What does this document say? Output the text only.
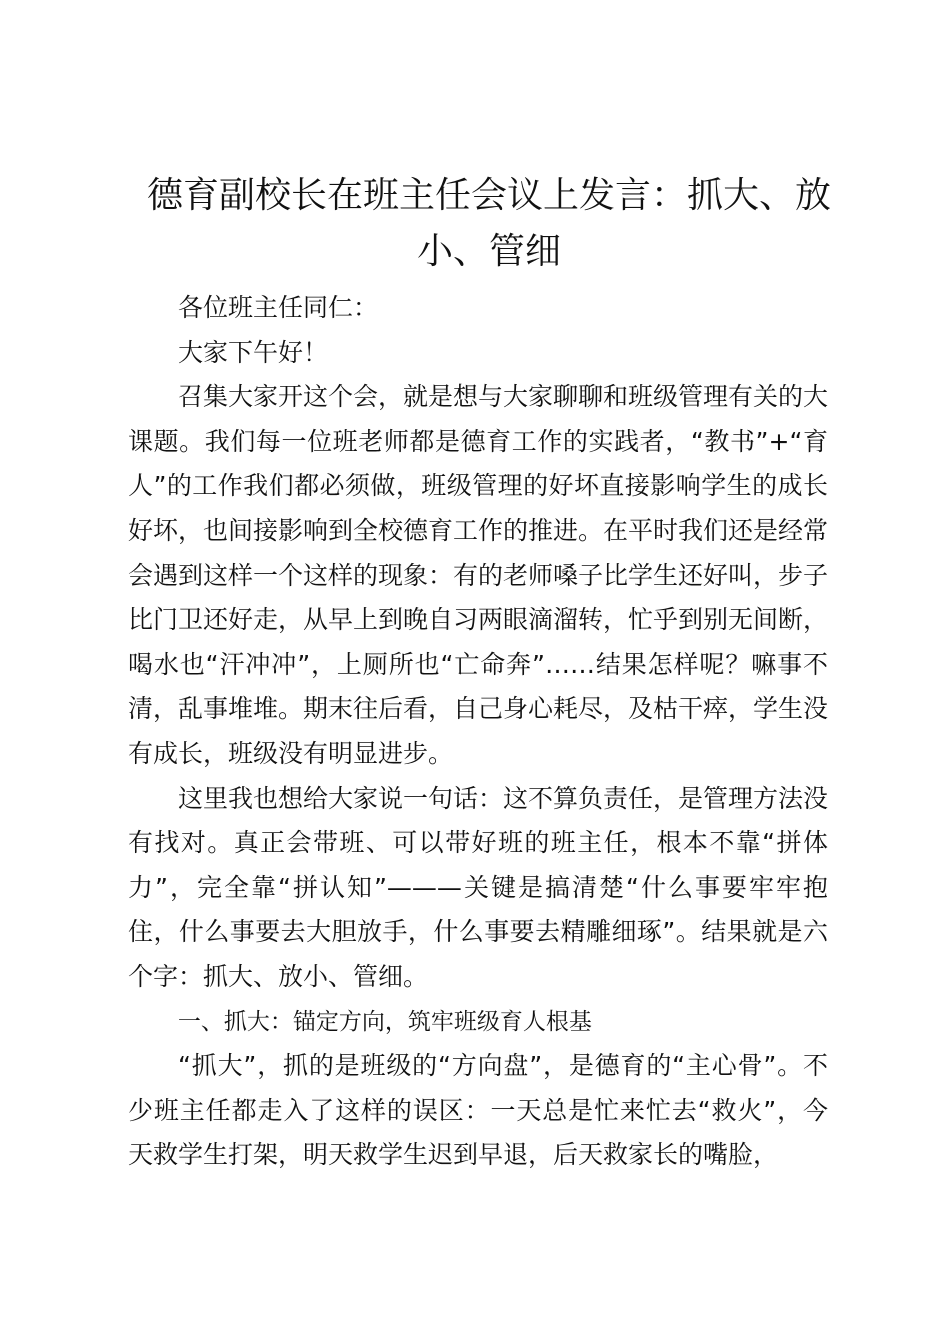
德育副校长在班主任会议上发言：抓大、放小、管细

各位班主任同仁：

大家下午好！

召集大家开这个会，就是想与大家聊聊和班级管理有关的大课题。我们每一位班老师都是德育工作的实践者，“教书”+“育人”的工作我们都必须做，班级管理的好坏直接影响学生的成长好坏，也间接影响到全校德育工作的推进。在平时我们还是经常会遇到这样一个这样的现象：有的老师嗓子比学生还好叫，步子比门卫还好走，从早上到晚自习两眼滴溜转，忙乎到别无间断，喝水也“汗冲冲”，上厕所也“亡命奔”……结果怎样呢？嘛事不清，乱事堆堆。期末往后看，自己身心耗尽，及枯干瘁，学生没有成长，班级没有明显进步。

这里我也想给大家说一句话：这不算负责任，是管理方法没有找对。真正会带班、可以带好班的班主任，根本不靠“拼体力”，完全靠“拼认知”———关键是搞清楚“什么事要牢牢抱住，什么事要去大胆放手，什么事要去精雕细琢”。结果就是六个字：抓大、放小、管细。

一、抓大：锚定方向，筑牢班级育人根基

“抓大”，抓的是班级的“方向盘”，是德育的“主心骨”。不少班主任都走入了这样的误区：一天总是忙来忙去“救火”，今天救学生打架，明天救学生迟到早退，后天救家长的嘴脸，
